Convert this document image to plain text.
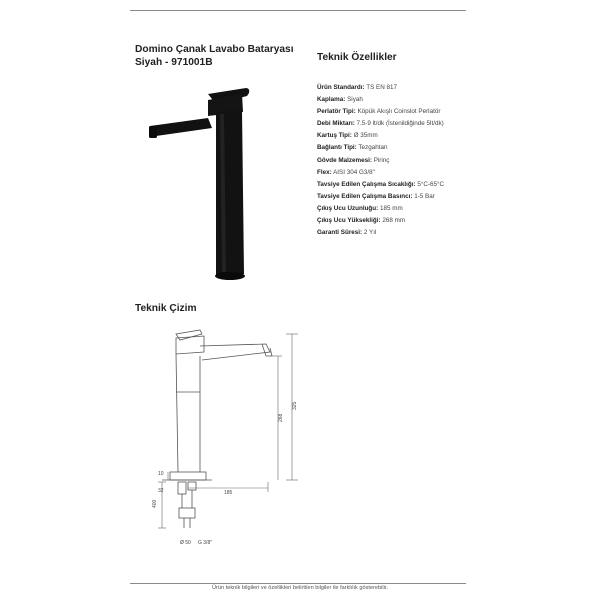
Domino Çanak Lavabo Bataryası
Siyah - 971001B	Teknik Özellikler
Ürün Standardı: TS EN 817
Kaplama: Siyah
Perlatör Tipi: Köpük Akışlı Coinslot Perlatör
Debi Miktarı: 7.5-9 lt/dk (İstenildiğinde 5lt/dk)
Kartuş Tipi: Ø 35mm
Bağlantı Tipi: Tezgahtan
Gövde Malzemesi: Pirinç
Flex: AISI 304 G3/8"
Tavsiye Edilen Çalışma Sıcaklığı: 5°C-65°C
Tavsiye Edilen Çalışma Basıncı: 1-5 Bar
Çıkış Ucu Uzunluğu: 185 mm
Çıkış Ucu Yüksekliği: 268 mm
Garanti Süresi: 2 Yıl
Teknik Çizim
325
268
185
400
10
32
Ø 50 G 3/8"
Ürün teknik bilgileri ve özellikleri belirtilen bilgiler ile farklılık gösterebilir.
